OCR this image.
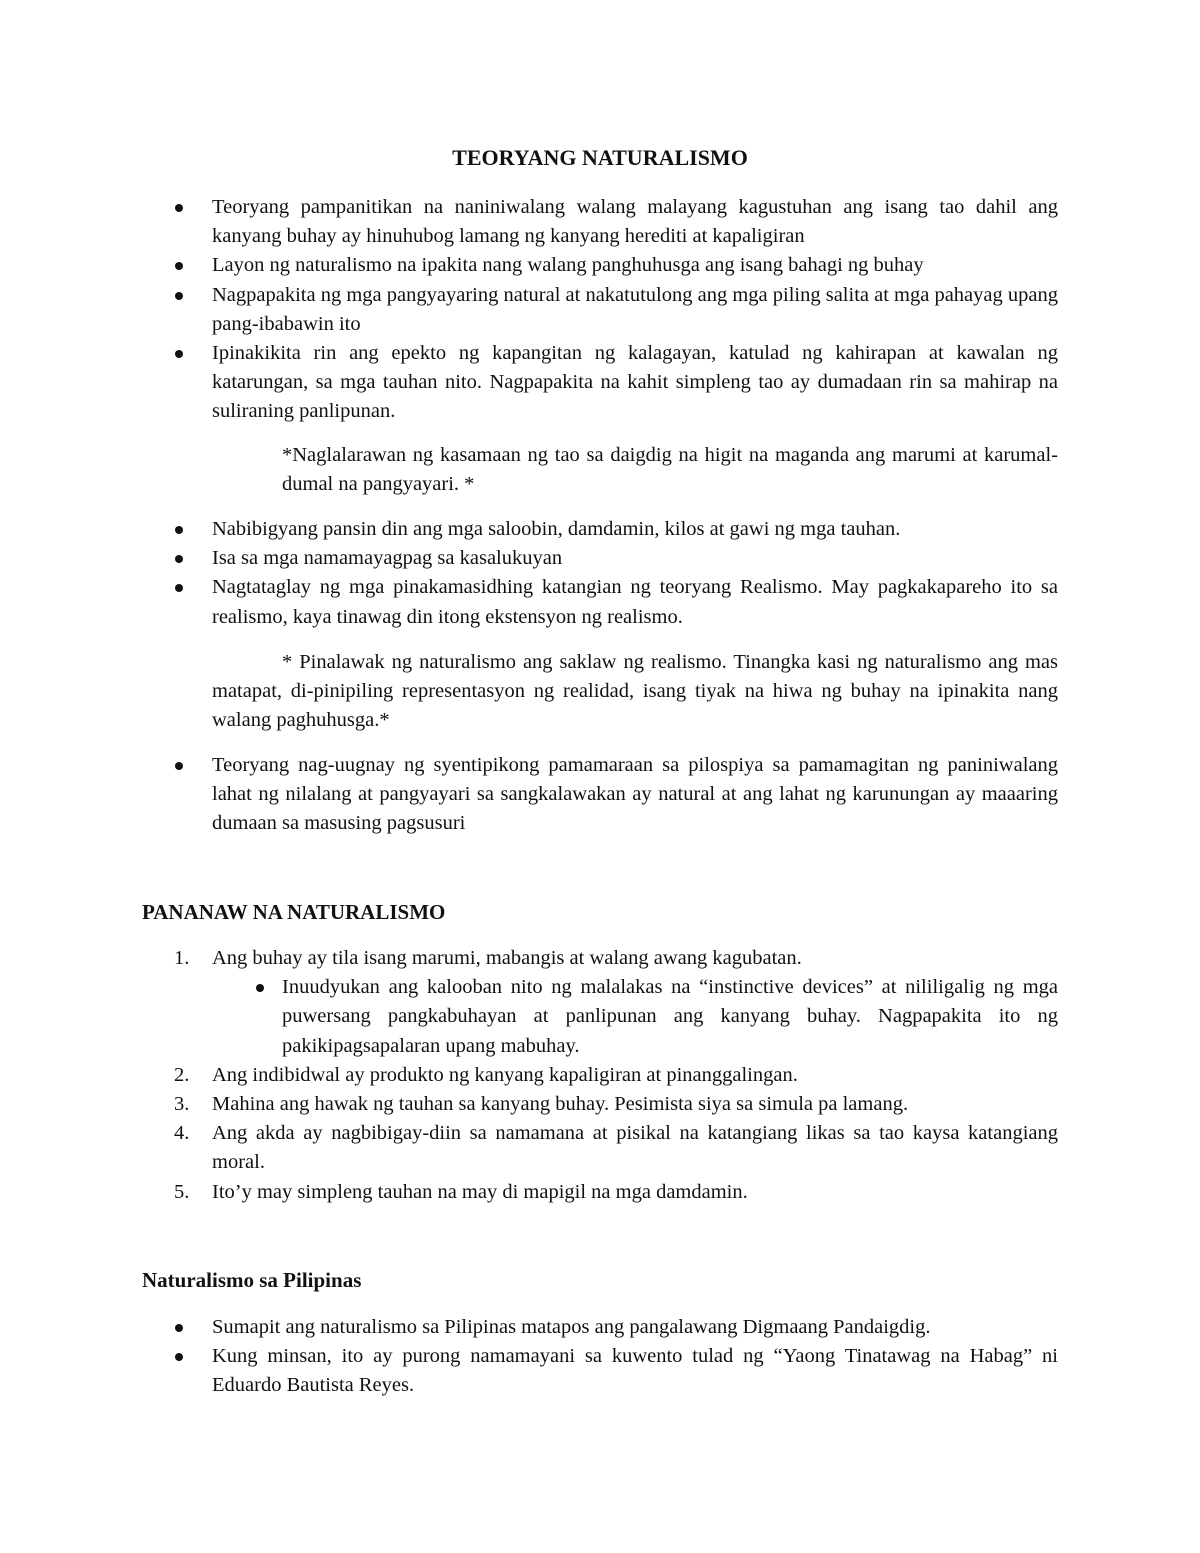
TEORYANG NATURALISMO
Teoryang pampanitikan na naniniwalang walang malayang kagustuhan ang isang tao dahil ang kanyang buhay ay hinuhubog lamang ng kanyang herediti at kapaligiran
Layon ng naturalismo na ipakita nang walang panghuhusga ang isang bahagi ng buhay
Nagpapakita ng mga pangyayaring natural at nakatutulong ang mga piling salita at mga pahayag upang pang-ibabawin ito
Ipinakikita rin ang epekto ng kapangitan ng kalagayan, katulad ng kahirapan at kawalan ng katarungan, sa mga tauhan nito. Nagpapakita na kahit simpleng tao ay dumadaan rin sa mahirap na suliraning panlipunan.
*Naglalarawan ng kasamaan ng tao sa daigdig na higit na maganda ang marumi at karumal-dumal na pangyayari. *
Nabibigyang pansin din ang mga saloobin, damdamin, kilos at gawi ng mga tauhan.
Isa sa mga namamayagpag sa kasalukuyan
Nagtataglay ng mga pinakamasidhing katangian ng teoryang Realismo. May pagkakapareho ito sa realismo, kaya tinawag din itong ekstensyon ng realismo.
* Pinalawak ng naturalismo ang saklaw ng realismo. Tinangka kasi ng naturalismo ang mas matapat, di-pinipiling representasyon ng realidad, isang tiyak na hiwa ng buhay na ipinakita nang walang paghuhusga.*
Teoryang nag-uugnay ng syentipikong pamamaraan sa pilospiya sa pamamagitan ng paniniwalang lahat ng nilalang at pangyayari sa sangkalawakan ay natural at ang lahat ng karunungan ay maaaring dumaan sa masusing pagsusuri
PANANAW NA NATURALISMO
1. Ang buhay ay tila isang marumi, mabangis at walang awang kagubatan.
Inuudyukan ang kalooban nito ng malalakas na “instinctive devices” at nililigalig ng mga puwersang pangkabuhayan at panlipunan ang kanyang buhay. Nagpapakita ito ng pakikipagsapalaran upang mabuhay.
2. Ang indibidwal ay produkto ng kanyang kapaligiran at pinanggalingan.
3. Mahina ang hawak ng tauhan sa kanyang buhay. Pesimista siya sa simula pa lamang.
4. Ang akda ay nagbibigay-diin sa namamana at pisikal na katangiang likas sa tao kaysa katangiang moral.
5. Ito’y may simpleng tauhan na may di mapigil na mga damdamin.
Naturalismo sa Pilipinas
Sumapit ang naturalismo sa Pilipinas matapos ang pangalawang Digmaang Pandaigdig.
Kung minsan, ito ay purong namamayani sa kuwento tulad ng “Yaong Tinatawag na Habag” ni Eduardo Bautista Reyes.
